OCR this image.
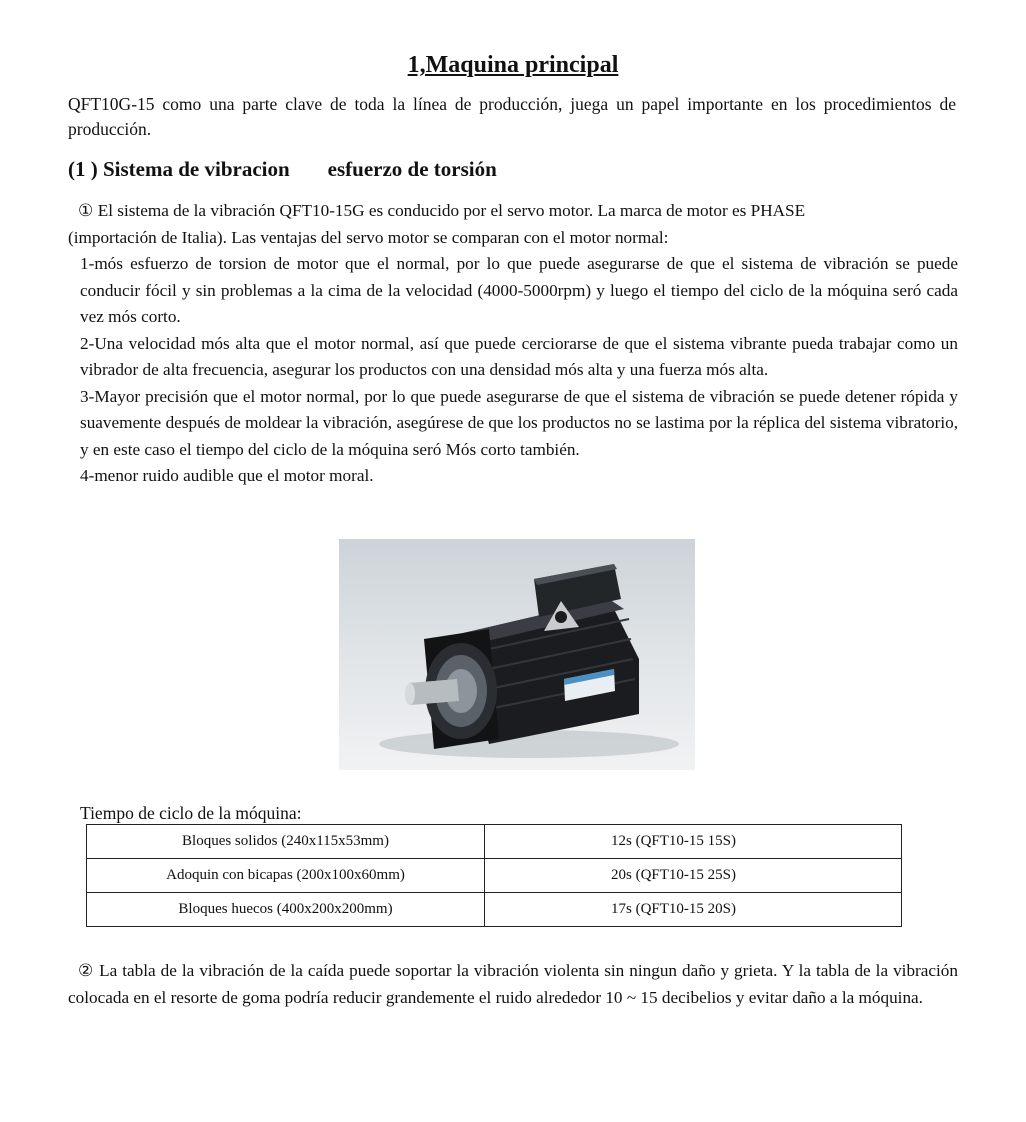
1,Maquina principal
QFT10G-15 como una parte clave de toda la línea de producción, juega un papel importante en los procedimientos de producción.
(1 ) Sistema de vibracion esfuerzo de torsión

① El sistema de la vibración QFT10-15G es conducido por el servo motor. La marca de motor es PHASE

(importación de Italia). Las ventajas del servo motor se comparan con el motor normal:

1-mós esfuerzo de torsion de motor que el normal, por lo que puede asegurarse de que el sistema de vibración se puede conducir fócil y sin problemas a la cima de la velocidad (4000-5000rpm) y luego el tiempo del ciclo de la móquina seró cada vez mós corto.

2-Una velocidad mós alta que el motor normal, así que puede cerciorarse de que el sistema vibrante pueda trabajar como un vibrador de alta frecuencia, asegurar los productos con una densidad mós alta y una fuerza mós alta.

3-Mayor precisión que el motor normal, por lo que puede asegurarse de que el sistema de vibración se puede detener rópida y suavemente después de moldear la vibración, asegúrese de que los productos no se lastima por la réplica del sistema vibratorio, y en este caso el tiempo del ciclo de la móquina seró Mós corto también.

4-menor ruido audible que el motor moral.

Tiempo de ciclo de la móquina:
Bloques solidos (240x115x53mm)	12s (QFT10-15 15S)
Adoquin con bicapas (200x100x60mm)	20s (QFT10-15 25S)
Bloques huecos (400x200x200mm)	17s (QFT10-15 20S)
② La tabla de la vibración de la caída puede soportar la vibración violenta sin ningun daño y grieta. Y la tabla de la vibración colocada en el resorte de goma podría reducir grandemente el ruido alrededor 10 ~ 15 decibelios y evitar daño a la móquina.
